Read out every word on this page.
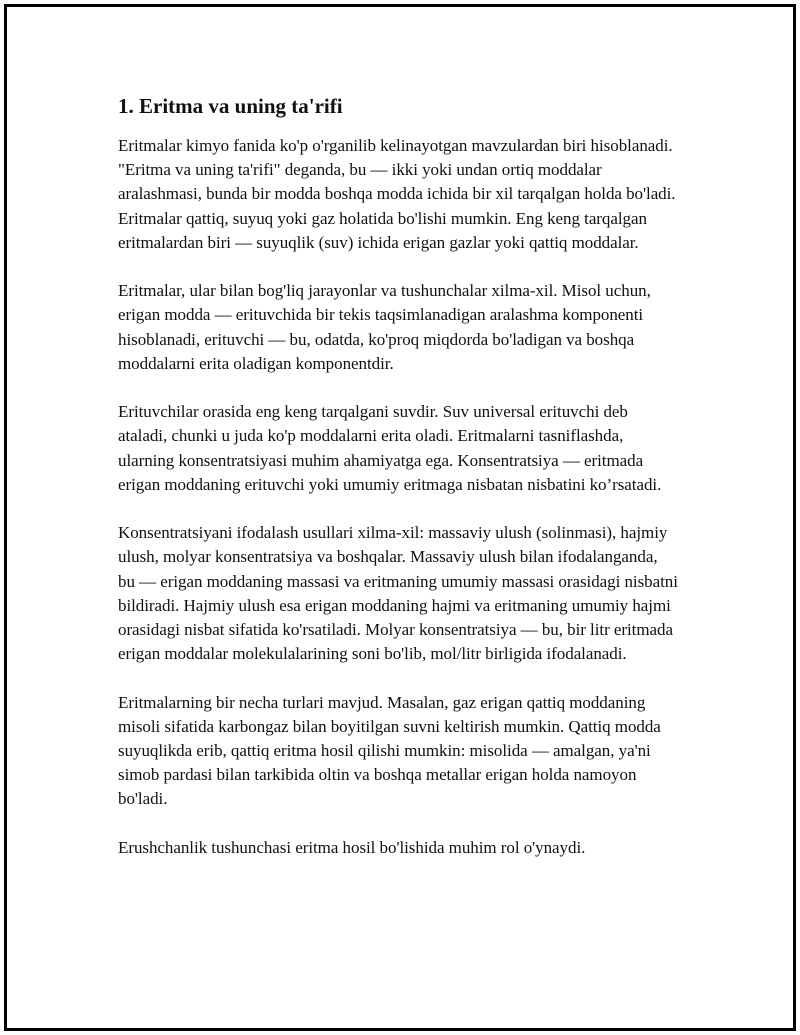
1. Eritma va uning ta'rifi

Eritmalar kimyo fanida ko'p o'rganilib kelinayotgan mavzulardan biri hisoblanadi. "Eritma va uning ta'rifi" deganda, bu — ikki yoki undan ortiq moddalar aralashmasi, bunda bir modda boshqa modda ichida bir xil tarqalgan holda bo'ladi. Eritmalar qattiq, suyuq yoki gaz holatida bo'lishi mumkin. Eng keng tarqalgan eritmalardan biri — suyuqlik (suv) ichida erigan gazlar yoki qattiq moddalar.

Eritmalar, ular bilan bog'liq jarayonlar va tushunchalar xilma-xil. Misol uchun, erigan modda — erituvchida bir tekis taqsimlanadigan aralashma komponenti hisoblanadi, erituvchi — bu, odatda, ko'proq miqdorda bo'ladigan va boshqa moddalarni erita oladigan komponentdir.

Erituvchilar orasida eng keng tarqalgani suvdir. Suv universal erituvchi deb ataladi, chunki u juda ko'p moddalarni erita oladi. Eritmalarni tasniflashda, ularning konsentratsiyasi muhim ahamiyatga ega. Konsentratsiya — eritmada erigan moddaning erituvchi yoki umumiy eritmaga nisbatan nisbatini ko’rsatadi.

Konsentratsiyani ifodalash usullari xilma-xil: massaviy ulush (solinmasi), hajmiy ulush, molyar konsentratsiya va boshqalar. Massaviy ulush bilan ifodalanganda, bu — erigan moddaning massasi va eritmaning umumiy massasi orasidagi nisbatni bildiradi. Hajmiy ulush esa erigan moddaning hajmi va eritmaning umumiy hajmi orasidagi nisbat sifatida ko'rsatiladi. Molyar konsentratsiya — bu, bir litr eritmada erigan moddalar molekulalarining soni bo'lib, mol/litr birligida ifodalanadi.

Eritmalarning bir necha turlari mavjud. Masalan, gaz erigan qattiq moddaning misoli sifatida karbongaz bilan boyitilgan suvni keltirish mumkin. Qattiq modda suyuqlikda erib, qattiq eritma hosil qilishi mumkin: misolida — amalgan, ya'ni simob pardasi bilan tarkibida oltin va boshqa metallar erigan holda namoyon bo'ladi.

Erushchanlik tushunchasi eritma hosil bo'lishida muhim rol o'ynaydi.
